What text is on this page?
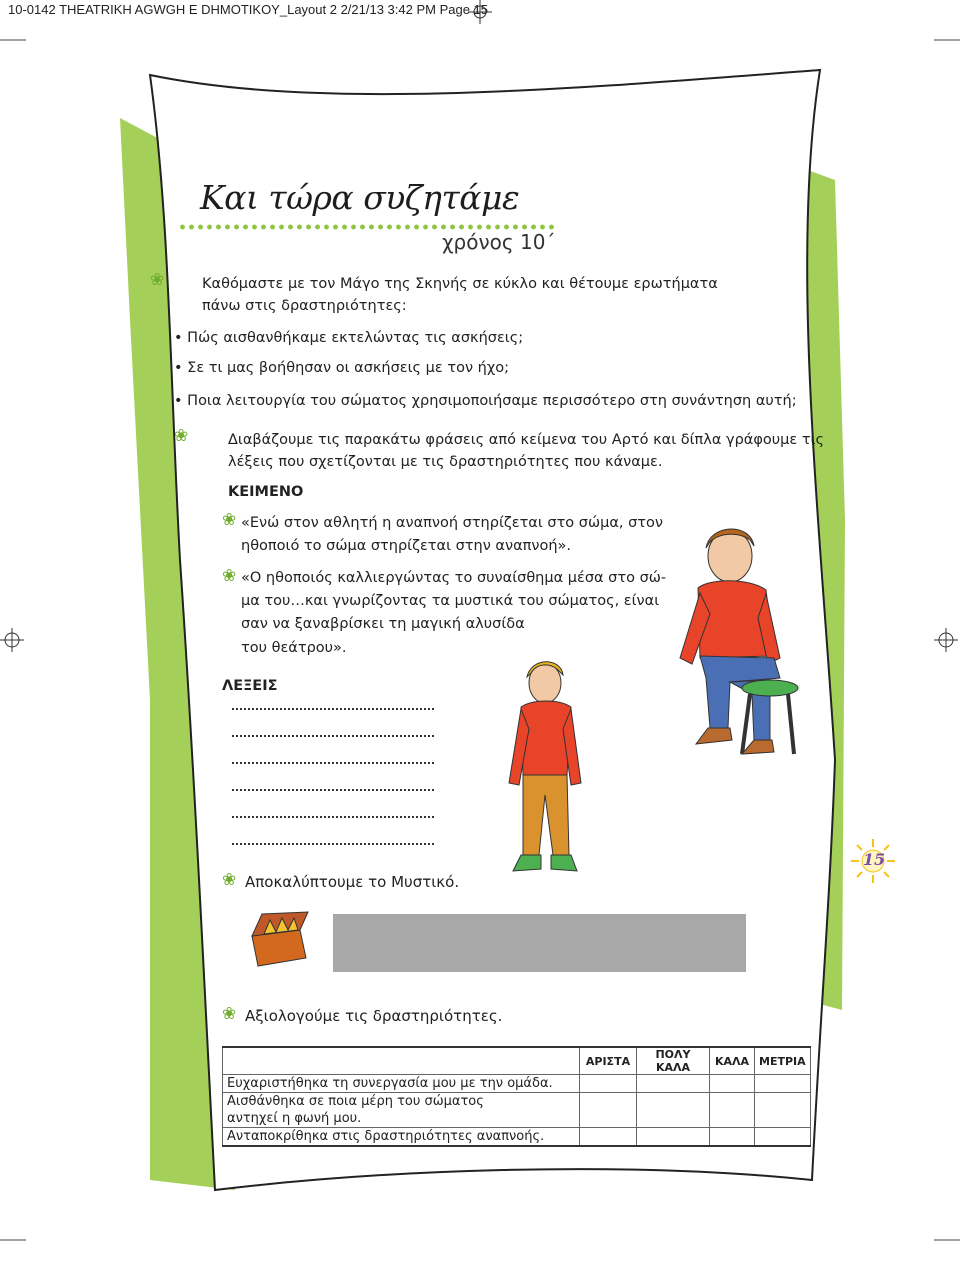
10-0142 THEATRIKH AGWGH E DHMOTIKOY_Layout 2 2/21/13 3:42 PM Page 15
Και τώρα συζητάμε
χρόνος 10΄
❀	Καθόμαστε με τον Μάγο της Σκηνής σε κύκλο και θέτουμε ερωτήματα
πάνω στις δραστηριότητες:
• Πώς αισθανθήκαμε εκτελώντας τις ασκήσεις;
• Σε τι μας βοήθησαν οι ασκήσεις με τον ήχο;
• Ποια λειτουργία του σώματος χρησιμοποιήσαμε περισσότερο στη συνάντηση αυτή;
❀	Διαβάζουμε τις παρακάτω φράσεις από κείμενα του Αρτό και δίπλα γράφουμε τις
λέξεις που σχετίζονται με τις δραστηριότητες που κάναμε.
ΚΕΙΜΕΝΟ
❀ «Ενώ στον αθλητή η αναπνοή στηρίζεται στο σώμα, στον
ηθοποιό το σώμα στηρίζεται στην αναπνοή».
❀ «Ο ηθοποιός καλλιεργώντας το συναίσθημα μέσα στο σώ-
μα του…και γνωρίζοντας τα μυστικά του σώματος, είναι
σαν να ξαναβρίσκει τη μαγική αλυσίδα
του θεάτρου».
ΛΕΞΕΙΣ
❀ Αποκαλύπτουμε το Μυστικό.
15
❀ Αξιολογούμε τις δραστηριότητες.
	ΑΡΙΣΤΑ	ΠΟΛΥ ΚΑΛΑ	ΚΑΛΑ	ΜΕΤΡΙΑ
Ευχαριστήθηκα τη συνεργασία μου με την ομάδα.				
Αισθάνθηκα σε ποια μέρη του σώματος				
αντηχεί η φωνή μου.				
Ανταποκρίθηκα στις δραστηριότητες αναπνοής.				
